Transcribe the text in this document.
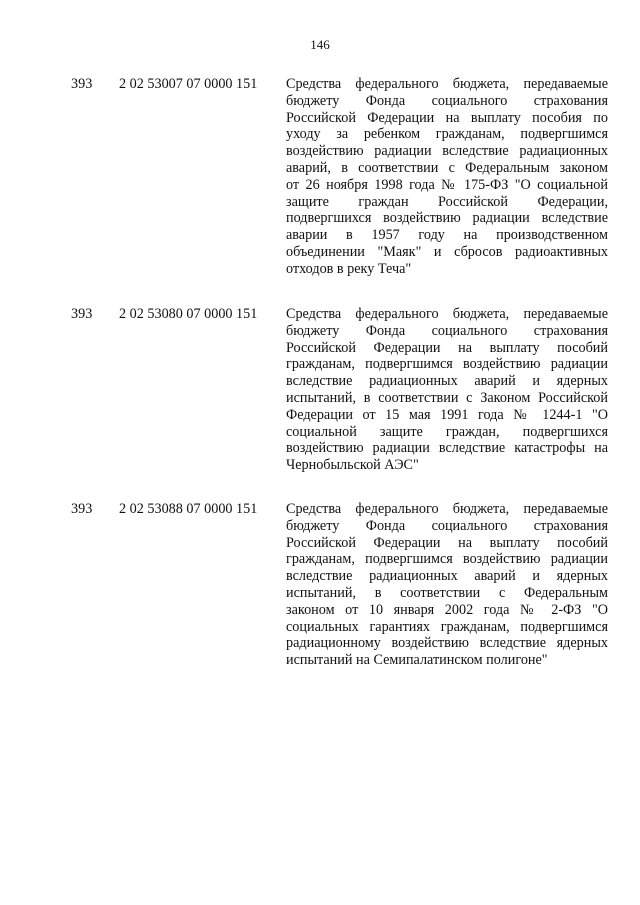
146
393 2 02 53007 07 0000 151 Средства федерального бюджета, передаваемые
бюджету Фонда социального страхования
Российской Федерации на выплату пособия по
уходу за ребенком гражданам, подвергшимся
воздействию радиации вследствие радиационных
аварий, в соответствии с Федеральным законом
от 26 ноября 1998 года № 175-ФЗ "О социальной
защите граждан Российской Федерации,
подвергшихся воздействию радиации вследствие
аварии в 1957 году на производственном
объединении "Маяк" и сбросов радиоактивных
отходов в реку Теча"
393 2 02 53080 07 0000 151 Средства федерального бюджета, передаваемые
бюджету Фонда социального страхования
Российской Федерации на выплату пособий
гражданам, подвергшимся воздействию радиации
вследствие радиационных аварий и ядерных
испытаний, в соответствии с Законом Российской
Федерации от 15 мая 1991 года № 1244-1 "О
социальной защите граждан, подвергшихся
воздействию радиации вследствие катастрофы на
Чернобыльской АЭС"
393 2 02 53088 07 0000 151 Средства федерального бюджета, передаваемые
бюджету Фонда социального страхования
Российской Федерации на выплату пособий
гражданам, подвергшимся воздействию радиации
вследствие радиационных аварий и ядерных
испытаний, в соответствии с Федеральным
законом от 10 января 2002 года № 2-ФЗ "О
социальных гарантиях гражданам, подвергшимся
радиационному воздействию вследствие ядерных
испытаний на Семипалатинском полигоне"
